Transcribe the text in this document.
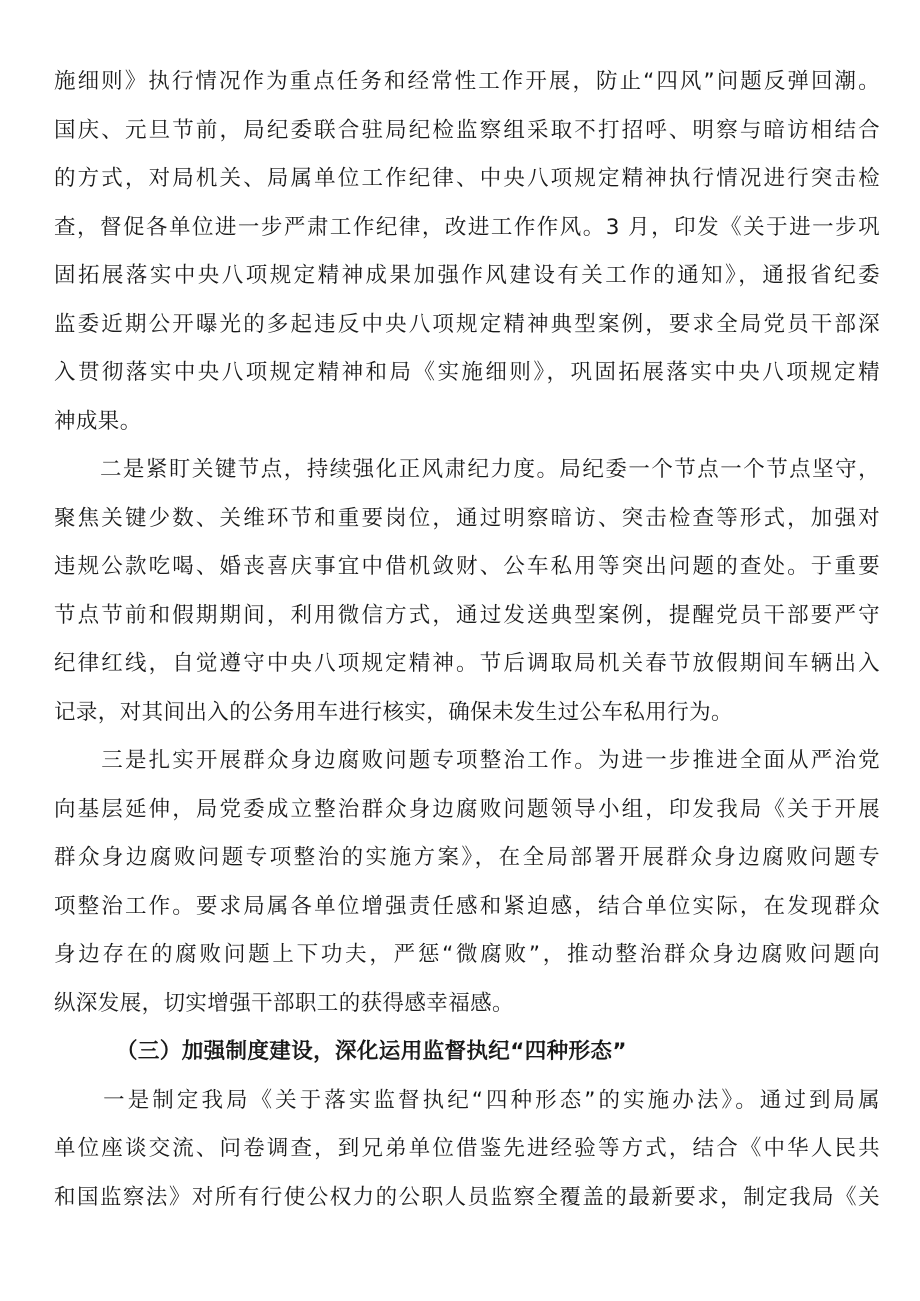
施细则》执行情况作为重点任务和经常性工作开展，防止“四风”问题反弹回潮。
国庆、元旦节前，局纪委联合驻局纪检监察组采取不打招呼、明察与暗访相结合
的方式，对局机关、局属单位工作纪律、中央八项规定精神执行情况进行突击检
查，督促各单位进一步严肃工作纪律，改进工作作风。3 月，印发《关于进一步巩
固拓展落实中央八项规定精神成果加强作风建设有关工作的通知》，通报省纪委
监委近期公开曝光的多起违反中央八项规定精神典型案例，要求全局党员干部深
入贯彻落实中央八项规定精神和局《实施细则》，巩固拓展落实中央八项规定精
神成果。
　　二是紧盯关键节点，持续强化正风肃纪力度。局纪委一个节点一个节点坚守，
聚焦关键少数、关维环节和重要岗位，通过明察暗访、突击检查等形式，加强对
违规公款吃喝、婚丧喜庆事宜中借机敛财、公车私用等突出问题的查处。于重要
节点节前和假期期间，利用微信方式，通过发送典型案例，提醒党员干部要严守
纪律红线，自觉遵守中央八项规定精神。节后调取局机关春节放假期间车辆出入
记录，对其间出入的公务用车进行核实，确保未发生过公车私用行为。
　　三是扎实开展群众身边腐败问题专项整治工作。为进一步推进全面从严治党
向基层延伸，局党委成立整治群众身边腐败问题领导小组，印发我局《关于开展
群众身边腐败问题专项整治的实施方案》，在全局部署开展群众身边腐败问题专
项整治工作。要求局属各单位增强责任感和紧迫感，结合单位实际，在发现群众
身边存在的腐败问题上下功夫，严惩“微腐败”，推动整治群众身边腐败问题向
纵深发展，切实增强干部职工的获得感幸福感。
（三）加强制度建设，深化运用监督执纪“四种形态”
　　一是制定我局《关于落实监督执纪“四种形态”的实施办法》。通过到局属
单位座谈交流、问卷调查，到兄弟单位借鉴先进经验等方式，结合《中华人民共
和国监察法》对所有行使公权力的公职人员监察全覆盖的最新要求，制定我局《关
